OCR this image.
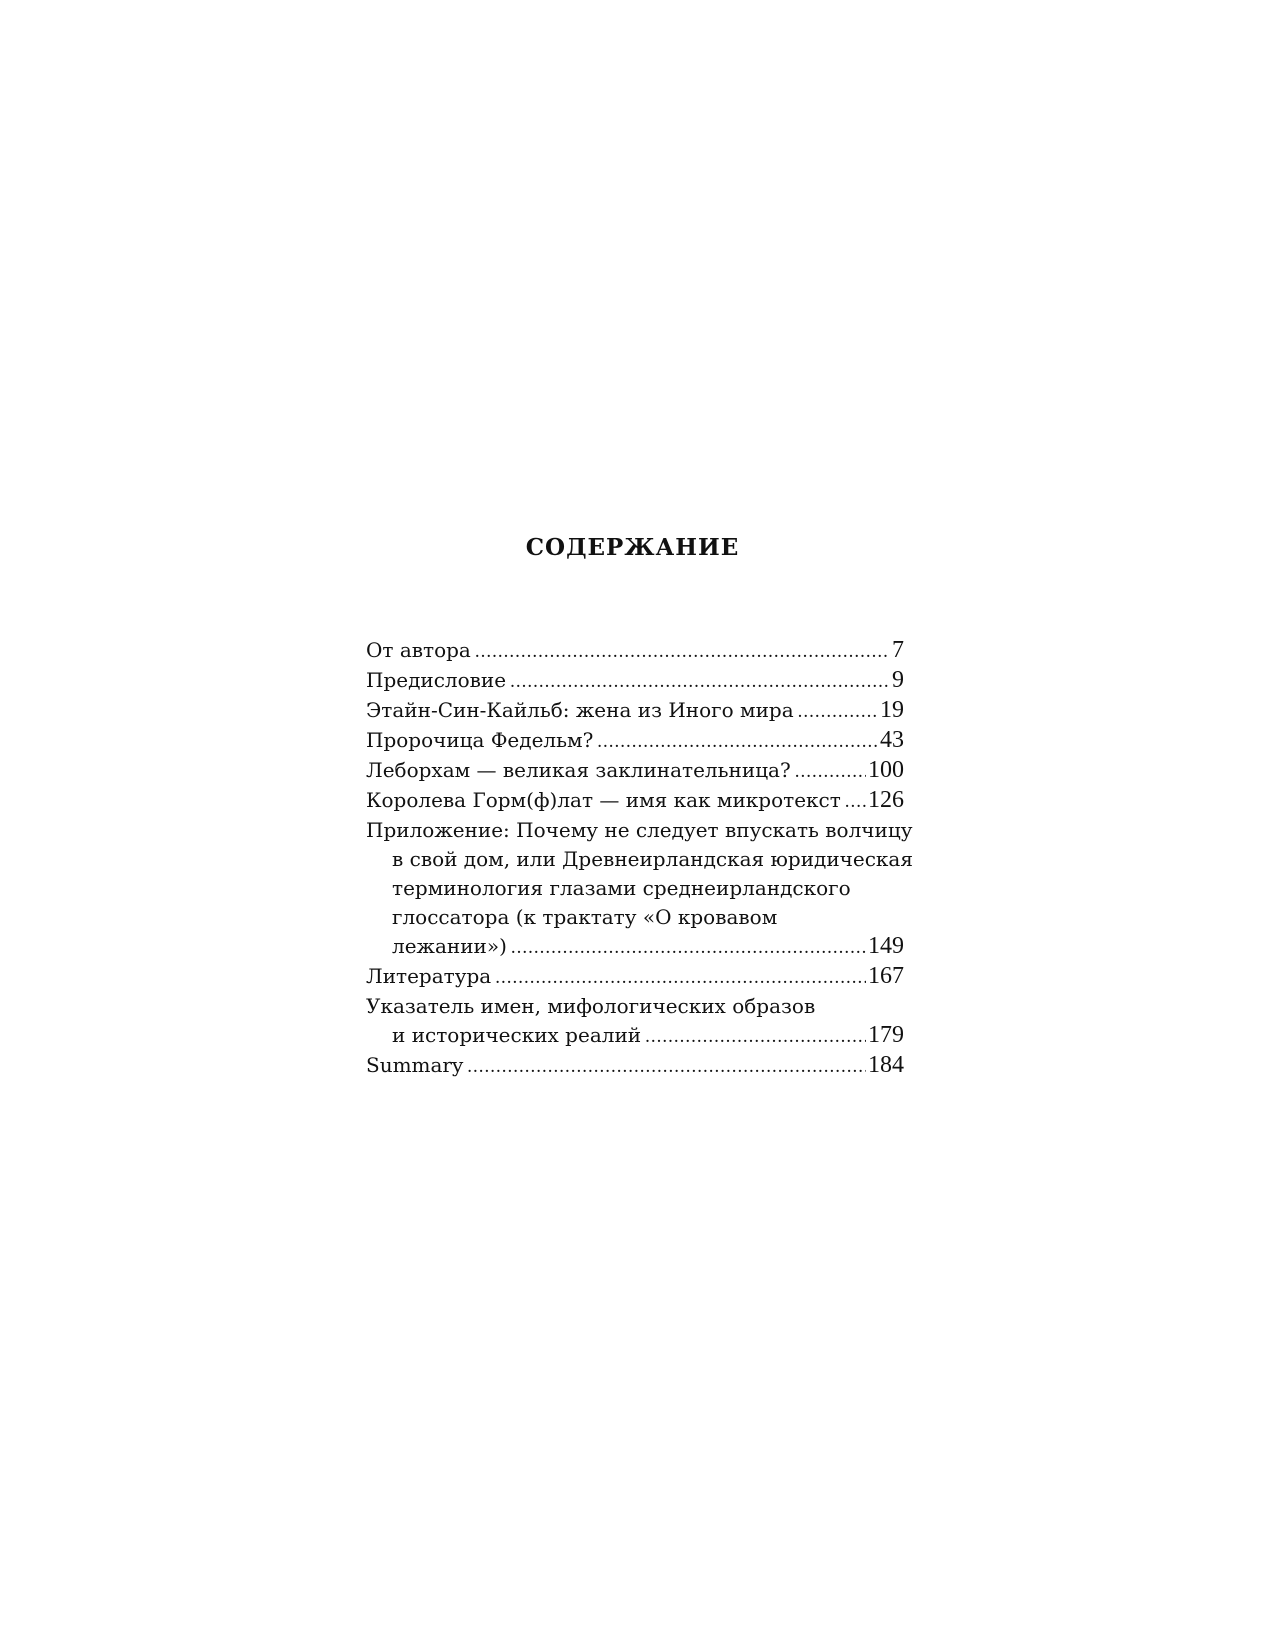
СОДЕРЖАНИЕ
От автора .....	7
Предисловие .....	9
Этайн-Син-Кайльб: жена из Иного мира .....	19
Пророчица Федельм? .....	43
Леборхам — великая заклинательница? .....	100
Королева Горм(ф)лат — имя как микротекст ..... 126
Приложение: Почему не следует впускать волчицу
в свой дом, или Древнеирландская юридическая
терминология глазами среднеирландского
глоссатора (к трактату «О кровавом
лежании») .....	149
Литература .....	167
Указатель имен, мифологических образов
и исторических реалий .....	179
Summary .....	184
